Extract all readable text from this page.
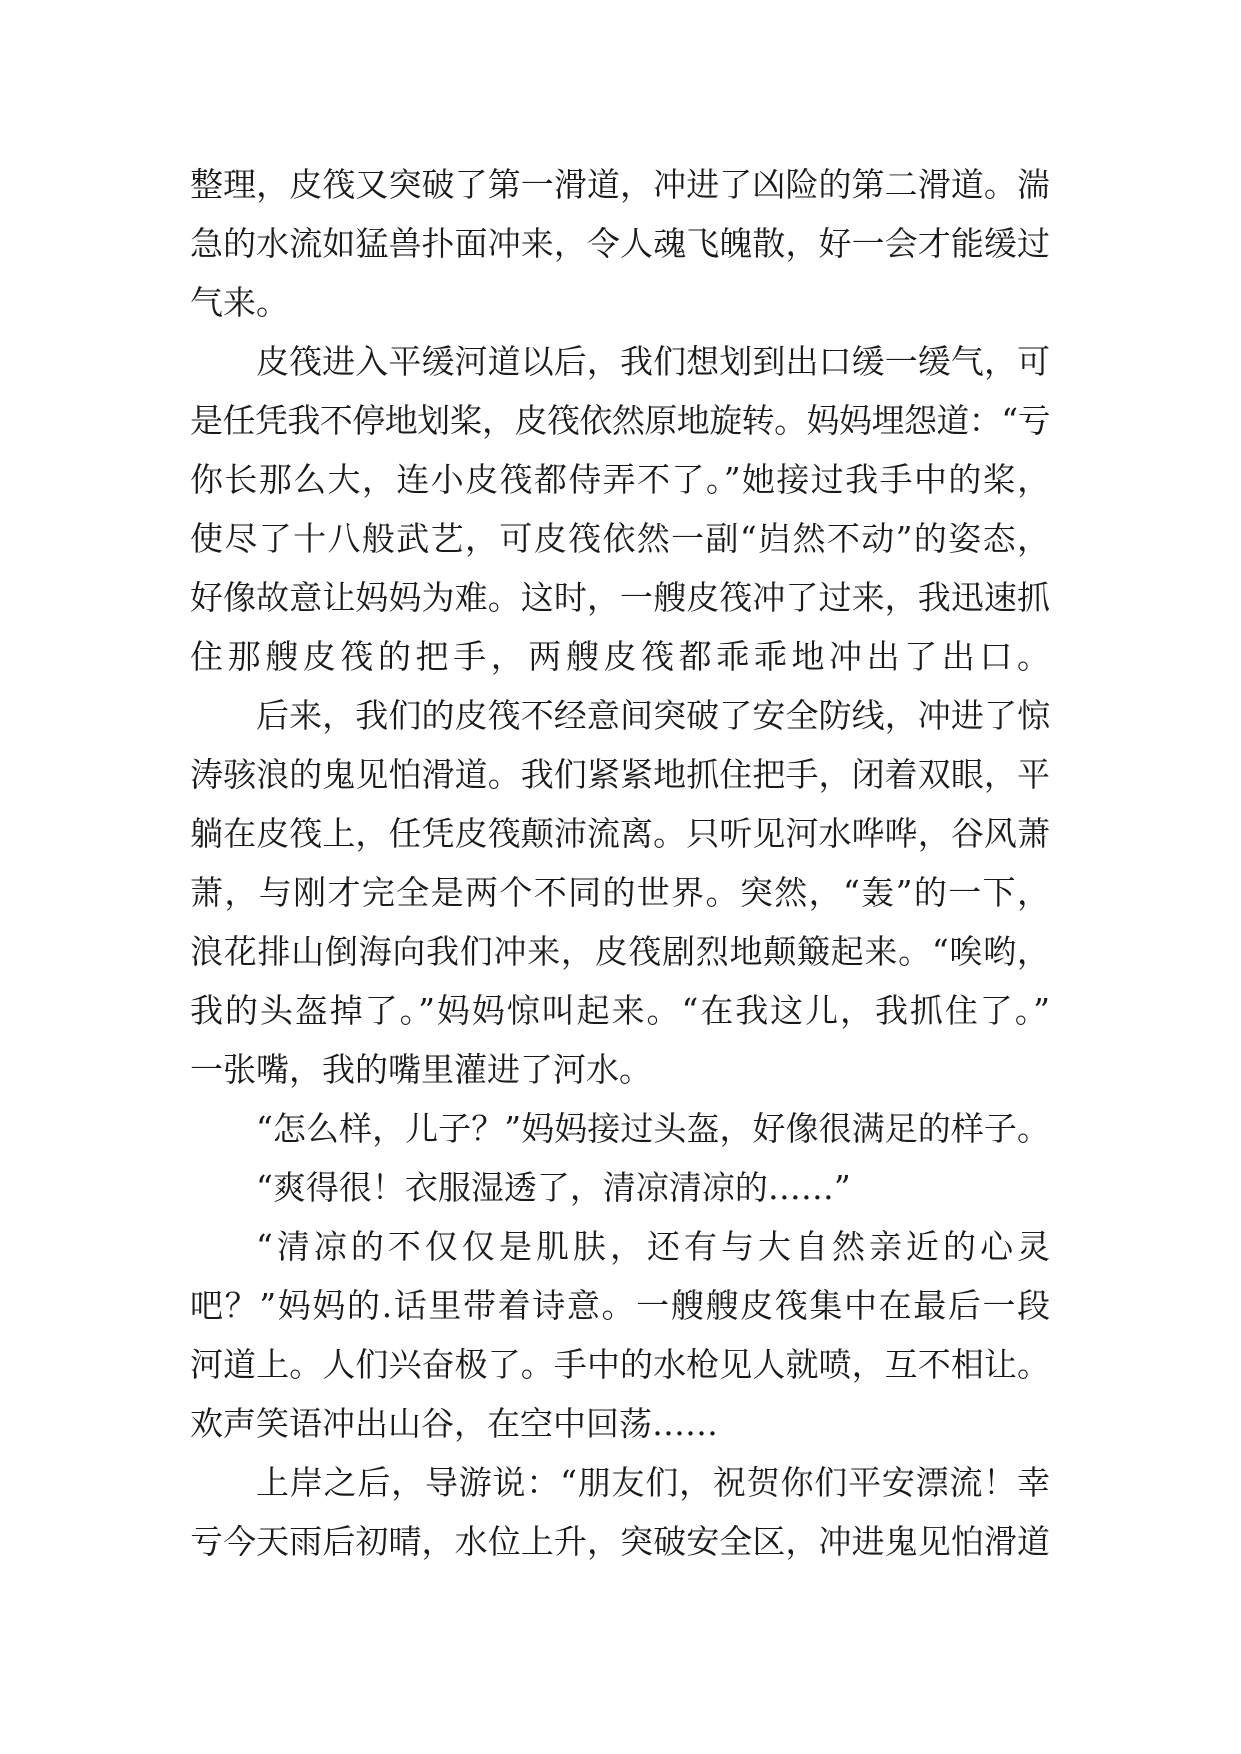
整理，皮筏又突破了第一滑道，冲进了凶险的第二滑道。湍
急的水流如猛兽扑面冲来，令人魂飞魄散，好一会才能缓过
气来。
皮筏进入平缓河道以后，我们想划到出口缓一缓气，可
是任凭我不停地划桨，皮筏依然原地旋转。妈妈埋怨道：“亏
你长那么大，连小皮筏都侍弄不了。”她接过我手中的桨，
使尽了十八般武艺，可皮筏依然一副“岿然不动”的姿态，
好像故意让妈妈为难。这时，一艘皮筏冲了过来，我迅速抓
住那艘皮筏的把手，两艘皮筏都乖乖地冲出了出口。
后来，我们的皮筏不经意间突破了安全防线，冲进了惊
涛骇浪的鬼见怕滑道。我们紧紧地抓住把手，闭着双眼，平
躺在皮筏上，任凭皮筏颠沛流离。只听见河水哗哗，谷风萧
萧，与刚才完全是两个不同的世界。突然，“轰”的一下，
浪花排山倒海向我们冲来，皮筏剧烈地颠簸起来。“唉哟，
我的头盔掉了。”妈妈惊叫起来。“在我这儿，我抓住了。”
一张嘴，我的嘴里灌进了河水。
“怎么样，儿子？”妈妈接过头盔，好像很满足的样子。
“爽得很！衣服湿透了，清凉清凉的……”
“清凉的不仅仅是肌肤，还有与大自然亲近的心灵
吧？”妈妈的.话里带着诗意。一艘艘皮筏集中在最后一段
河道上。人们兴奋极了。手中的水枪见人就喷，互不相让。
欢声笑语冲出山谷，在空中回荡……
上岸之后，导游说：“朋友们，祝贺你们平安漂流！幸
亏今天雨后初晴，水位上升，突破安全区，冲进鬼见怕滑道
